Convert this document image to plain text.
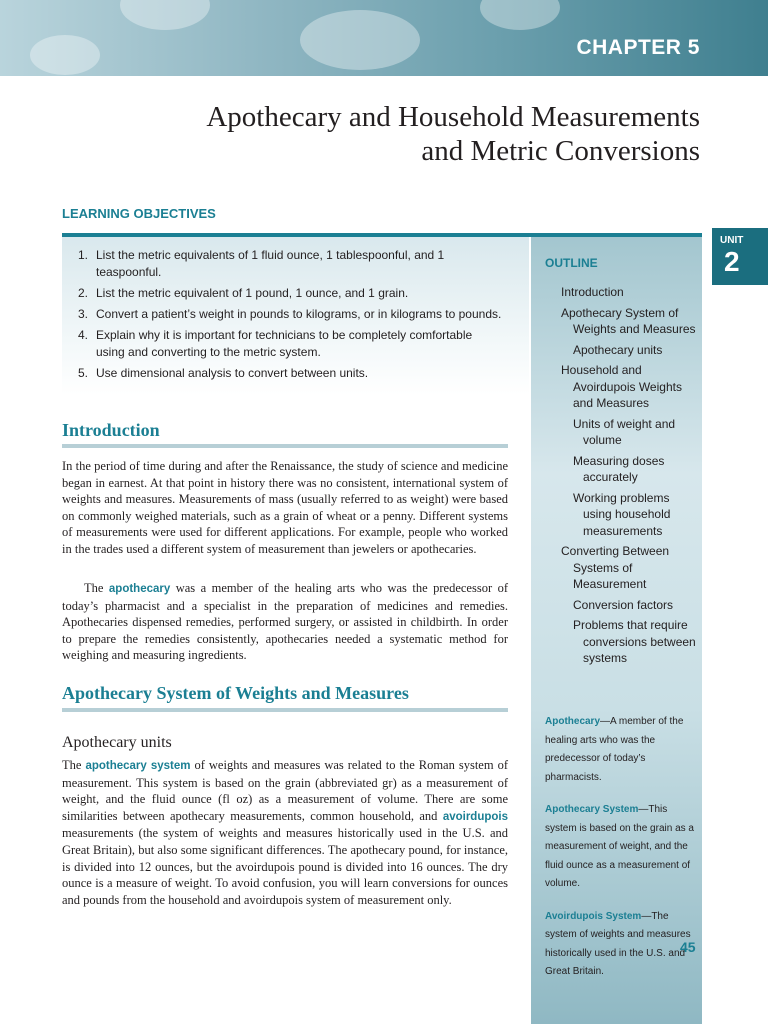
CHAPTER 5
Apothecary and Household Measurements
and Metric Conversions
LEARNING OBJECTIVES
1. List the metric equivalents of 1 fluid ounce, 1 tablespoonful, and 1 teaspoonful.
2. List the metric equivalent of 1 pound, 1 ounce, and 1 grain.
3. Convert a patient’s weight in pounds to kilograms, or in kilograms to pounds.
4. Explain why it is important for technicians to be completely comfortable using and converting to the metric system.
5. Use dimensional analysis to convert between units.
UNIT
2
OUTLINE
Introduction
Apothecary System of Weights and Measures
Apothecary units
Household and Avoirdupois Weights and Measures
Units of weight and volume
Measuring doses accurately
Working problems using household measurements
Converting Between Systems of Measurement
Conversion factors
Problems that require conversions between systems

Apothecary—A member of the healing arts who was the predecessor of today’s pharmacists.

Apothecary System—This system is based on the grain as a measurement of weight, and the fluid ounce as a measurement of volume.

Avoirdupois System—The system of weights and measures historically used in the U.S. and Great Britain.

45
Introduction

In the period of time during and after the Renaissance, the study of science and medicine began in earnest. At that point in history there was no consistent, international system of weights and measures. Measurements of mass (usually referred to as weight) were based on commonly weighed materials, such as a grain of wheat or a penny. Different systems of measurements were used for different applications. For example, people who worked in the trades used a different system of measurement than jewelers or apothecaries.

The apothecary was a member of the healing arts who was the predecessor of today’s pharmacist and a specialist in the preparation of medicines and remedies. Apothecaries dispensed remedies, performed surgery, or assisted in childbirth. In order to prepare the remedies consistently, apothecaries needed a systematic method for weighing and measuring ingredients.

Apothecary System of Weights and Measures
Apothecary units

The apothecary system of weights and measures was related to the Roman system of measurement. This system is based on the grain (abbreviated gr) as a measurement of weight, and the fluid ounce (fl oz) as a measurement of volume. There are some similarities between apothecary measurements, common household, and avoirdupois measurements (the system of weights and measures historically used in the U.S. and Great Britain), but also some significant differences. The apothecary pound, for instance, is divided into 12 ounces, but the avoirdupois pound is divided into 16 ounces. The dry ounce is a measure of weight. To avoid confusion, you will learn conversions for ounces and pounds from the household and avoirdupois system of measurement only.
